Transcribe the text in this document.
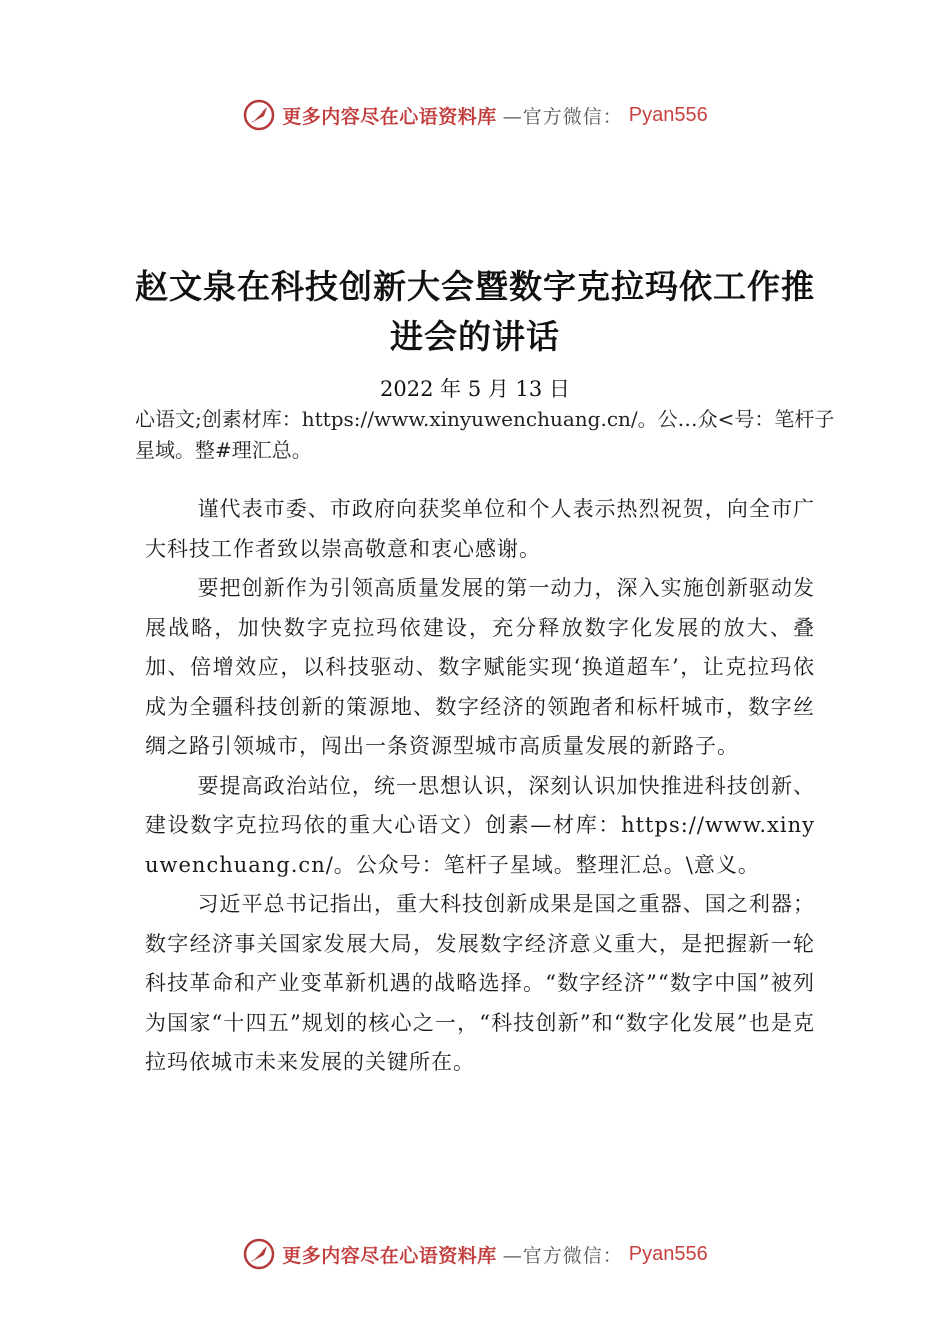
更多内容尽在心语资料库 —官方微信： Pyan556
赵文泉在科技创新大会暨数字克拉玛依工作推进会的讲话
2022 年 5 月 13 日
心语文;创素材库：https://www.xinyuwenchuang.cn/。公…众<号：笔杆子星域。整#理汇总。

谨代表市委、市政府向获奖单位和个人表示热烈祝贺，向全市广大科技工作者致以崇高敬意和衷心感谢。

要把创新作为引领高质量发展的第一动力，深入实施创新驱动发展战略，加快数字克拉玛依建设，充分释放数字化发展的放大、叠加、倍增效应，以科技驱动、数字赋能实现‘换道超车’，让克拉玛依成为全疆科技创新的策源地、数字经济的领跑者和标杆城市，数字丝绸之路引领城市，闯出一条资源型城市高质量发展的新路子。

要提高政治站位，统一思想认识，深刻认识加快推进科技创新、建设数字克拉玛依的重大心语文）创素—材库：https://www.xinyuwenchuang.cn/。公众号：笔杆子星域。整理汇总。\意义。

习近平总书记指出，重大科技创新成果是国之重器、国之利器；数字经济事关国家发展大局，发展数字经济意义重大，是把握新一轮科技革命和产业变革新机遇的战略选择。“数字经济”“数字中国”被列为国家“十四五”规划的核心之一，“科技创新”和“数字化发展”也是克拉玛依城市未来发展的关键所在。

更多内容尽在心语资料库 —官方微信： Pyan556
